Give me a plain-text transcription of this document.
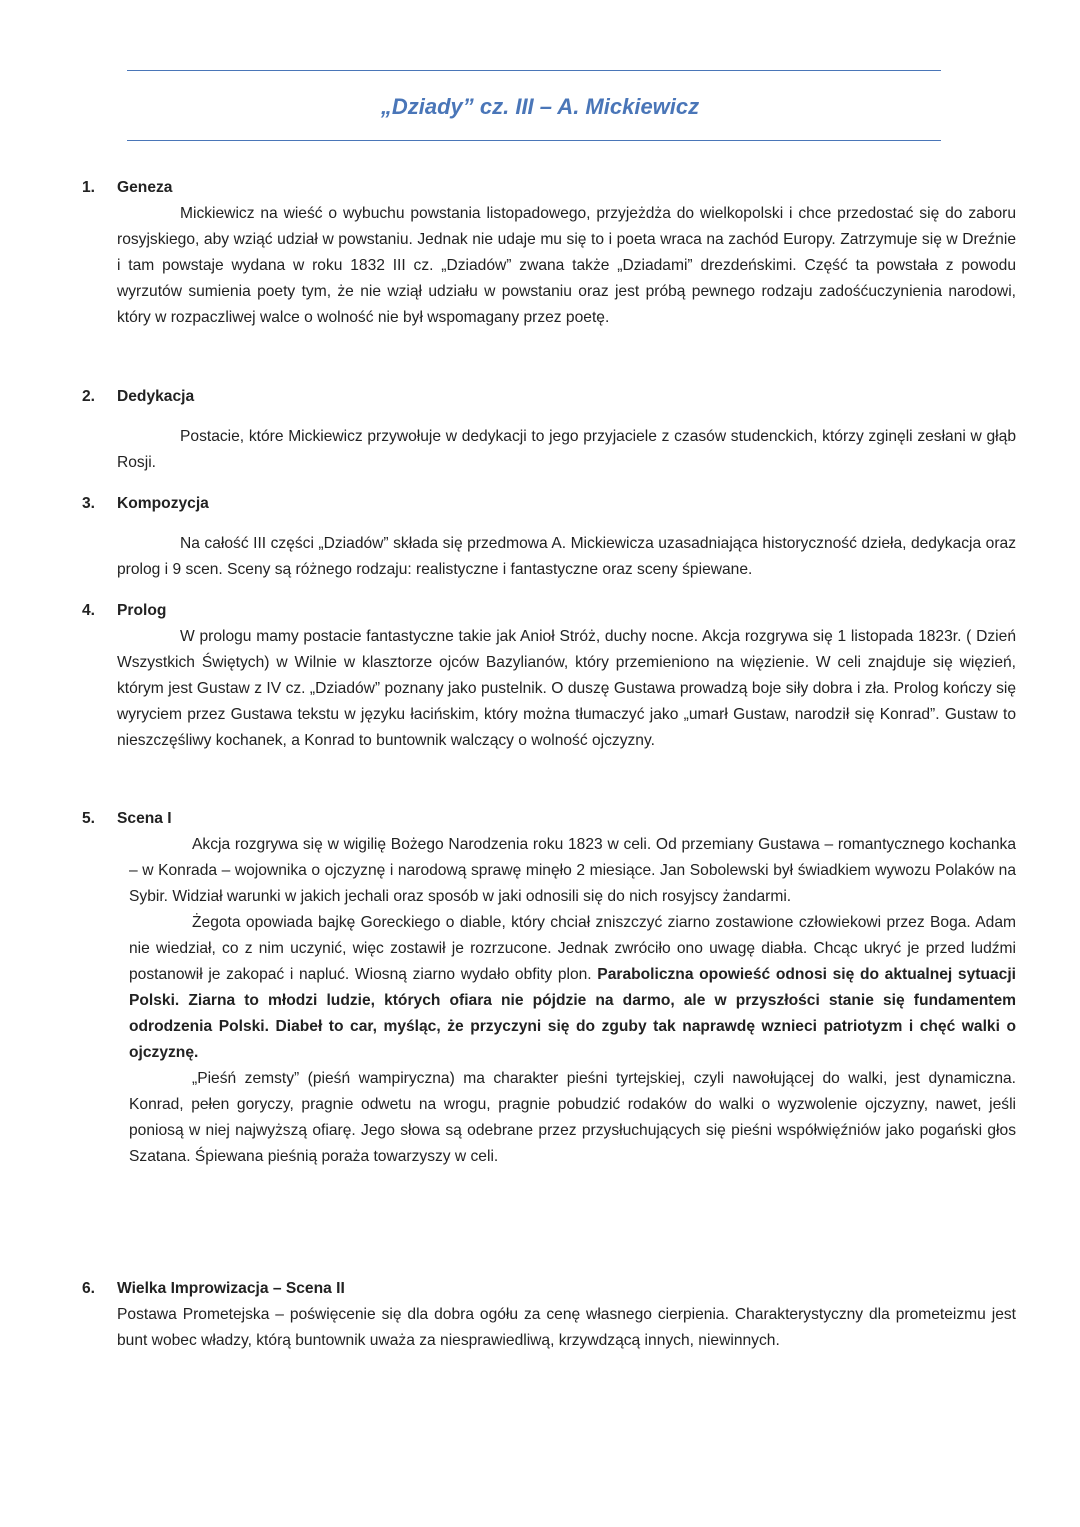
„Dziady” cz. III – A. Mickiewicz
1.	Geneza

Mickiewicz na wieść o wybuchu powstania listopadowego, przyjeżdża do wielkopolski i chce przedostać się do zaboru rosyjskiego, aby wziąć udział w powstaniu. Jednak nie udaje mu się to i poeta wraca na zachód Europy. Zatrzymuje się w Dreźnie i tam powstaje wydana w roku 1832 III cz. „Dziadów” zwana także „Dziadami” drezdeńskimi. Część ta powstała z powodu wyrzutów sumienia poety tym, że nie wziął udziału w powstaniu oraz jest próbą pewnego rodzaju zadośćuczynienia narodowi, który w rozpaczliwej walce o wolność nie był wspomagany przez poetę.

2.	Dedykacja

Postacie, które Mickiewicz przywołuje w dedykacji to jego przyjaciele z czasów studenckich, którzy zginęli zesłani w głąb Rosji.

3.	Kompozycja

Na całość III części „Dziadów” składa się przedmowa A. Mickiewicza uzasadniająca historyczność dzieła, dedykacja oraz prolog i 9 scen. Sceny są różnego rodzaju: realistyczne i fantastyczne oraz sceny śpiewane.

4.	Prolog

W prologu mamy postacie fantastyczne takie jak Anioł Stróż, duchy nocne. Akcja rozgrywa się 1 listopada 1823r. ( Dzień Wszystkich Świętych) w Wilnie w klasztorze ojców Bazylianów, który przemieniono na więzienie. W celi znajduje się więzień, którym jest Gustaw z IV cz. „Dziadów” poznany jako pustelnik. O duszę Gustawa prowadzą boje siły dobra i zła. Prolog kończy się wyryciem przez Gustawa tekstu w języku łacińskim, który można tłumaczyć jako „umarł Gustaw, narodził się Konrad”. Gustaw to nieszczęśliwy kochanek, a Konrad to buntownik walczący o wolność ojczyzny.

5.	Scena I

Akcja rozgrywa się w wigilię Bożego Narodzenia roku 1823 w celi. Od przemiany Gustawa – romantycznego kochanka – w Konrada – wojownika o ojczyznę i narodową sprawę minęło 2 miesiące. Jan Sobolewski był świadkiem wywozu Polaków na Sybir. Widział warunki w jakich jechali oraz sposób w jaki odnosili się do nich rosyjscy żandarmi.

Żegota opowiada bajkę Goreckiego o diable, który chciał zniszczyć ziarno zostawione człowiekowi przez Boga. Adam nie wiedział, co z nim uczynić, więc zostawił je rozrzucone. Jednak zwróciło ono uwagę diabła. Chcąc ukryć je przed ludźmi postanowił je zakopać i napluć. Wiosną ziarno wydało obfity plon. Paraboliczna opowieść odnosi się do aktualnej sytuacji Polski. Ziarna to młodzi ludzie, których ofiara nie pójdzie na darmo, ale w przyszłości stanie się fundamentem odrodzenia Polski. Diabeł to car, myśląc, że przyczyni się do zguby tak naprawdę wznieci patriotyzm i chęć walki o ojczyznę.

„Pieśń zemsty” (pieśń wampiryczna) ma charakter pieśni tyrtejskiej, czyli nawołującej do walki, jest dynamiczna. Konrad, pełen goryczy, pragnie odwetu na wrogu, pragnie pobudzić rodaków do walki o wyzwolenie ojczyzny, nawet, jeśli poniosą w niej najwyższą ofiarę. Jego słowa są odebrane przez przysłuchujących się pieśni współwięźniów jako pogański głos Szatana. Śpiewana pieśnią poraża towarzyszy w celi.

6.	Wielka Improwizacja – Scena II

Postawa Prometejska – poświęcenie się dla dobra ogółu za cenę własnego cierpienia. Charakterystyczny dla prometeizmu jest bunt wobec władzy, którą buntownik uważa za niesprawiedliwą, krzywdzącą innych, niewinnych.
